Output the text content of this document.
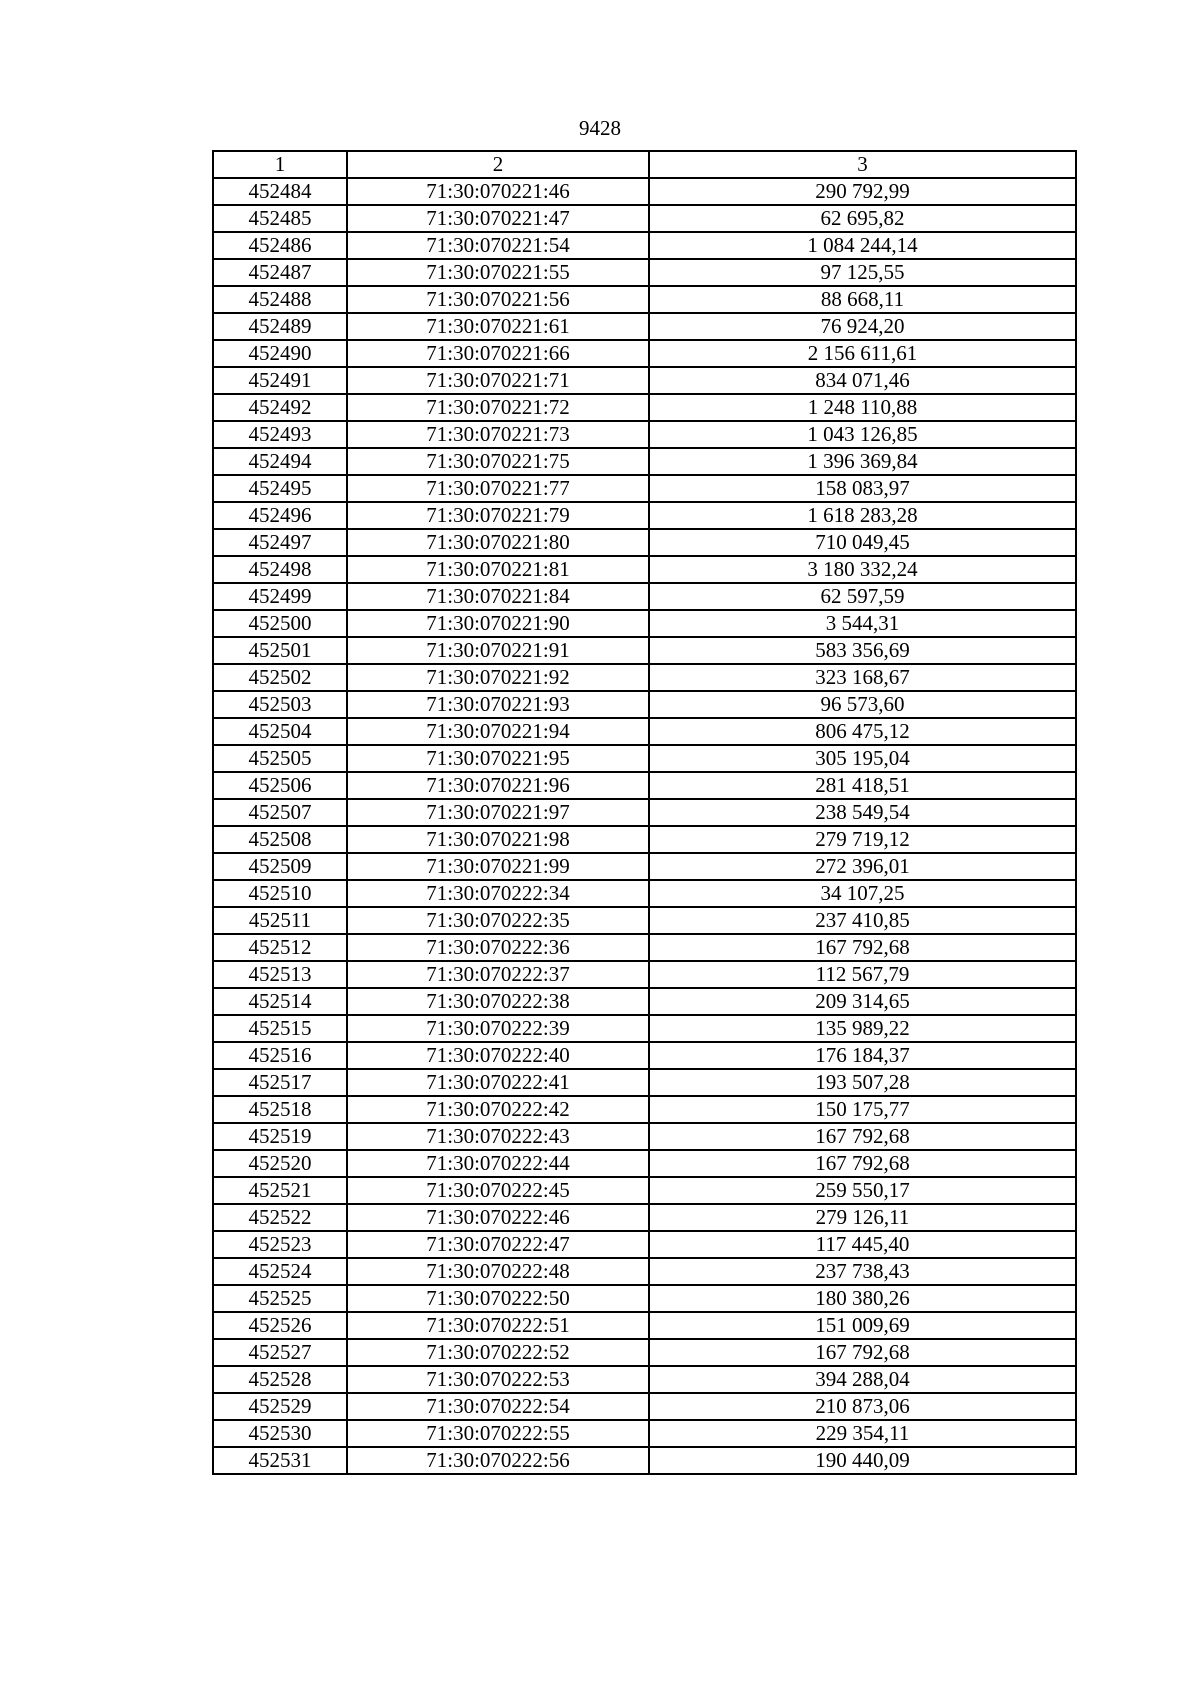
9428
1	2	3
452484	71:30:070221:46	290 792,99
452485	71:30:070221:47	62 695,82
452486	71:30:070221:54	1 084 244,14
452487	71:30:070221:55	97 125,55
452488	71:30:070221:56	88 668,11
452489	71:30:070221:61	76 924,20
452490	71:30:070221:66	2 156 611,61
452491	71:30:070221:71	834 071,46
452492	71:30:070221:72	1 248 110,88
452493	71:30:070221:73	1 043 126,85
452494	71:30:070221:75	1 396 369,84
452495	71:30:070221:77	158 083,97
452496	71:30:070221:79	1 618 283,28
452497	71:30:070221:80	710 049,45
452498	71:30:070221:81	3 180 332,24
452499	71:30:070221:84	62 597,59
452500	71:30:070221:90	3 544,31
452501	71:30:070221:91	583 356,69
452502	71:30:070221:92	323 168,67
452503	71:30:070221:93	96 573,60
452504	71:30:070221:94	806 475,12
452505	71:30:070221:95	305 195,04
452506	71:30:070221:96	281 418,51
452507	71:30:070221:97	238 549,54
452508	71:30:070221:98	279 719,12
452509	71:30:070221:99	272 396,01
452510	71:30:070222:34	34 107,25
452511	71:30:070222:35	237 410,85
452512	71:30:070222:36	167 792,68
452513	71:30:070222:37	112 567,79
452514	71:30:070222:38	209 314,65
452515	71:30:070222:39	135 989,22
452516	71:30:070222:40	176 184,37
452517	71:30:070222:41	193 507,28
452518	71:30:070222:42	150 175,77
452519	71:30:070222:43	167 792,68
452520	71:30:070222:44	167 792,68
452521	71:30:070222:45	259 550,17
452522	71:30:070222:46	279 126,11
452523	71:30:070222:47	117 445,40
452524	71:30:070222:48	237 738,43
452525	71:30:070222:50	180 380,26
452526	71:30:070222:51	151 009,69
452527	71:30:070222:52	167 792,68
452528	71:30:070222:53	394 288,04
452529	71:30:070222:54	210 873,06
452530	71:30:070222:55	229 354,11
452531	71:30:070222:56	190 440,09
